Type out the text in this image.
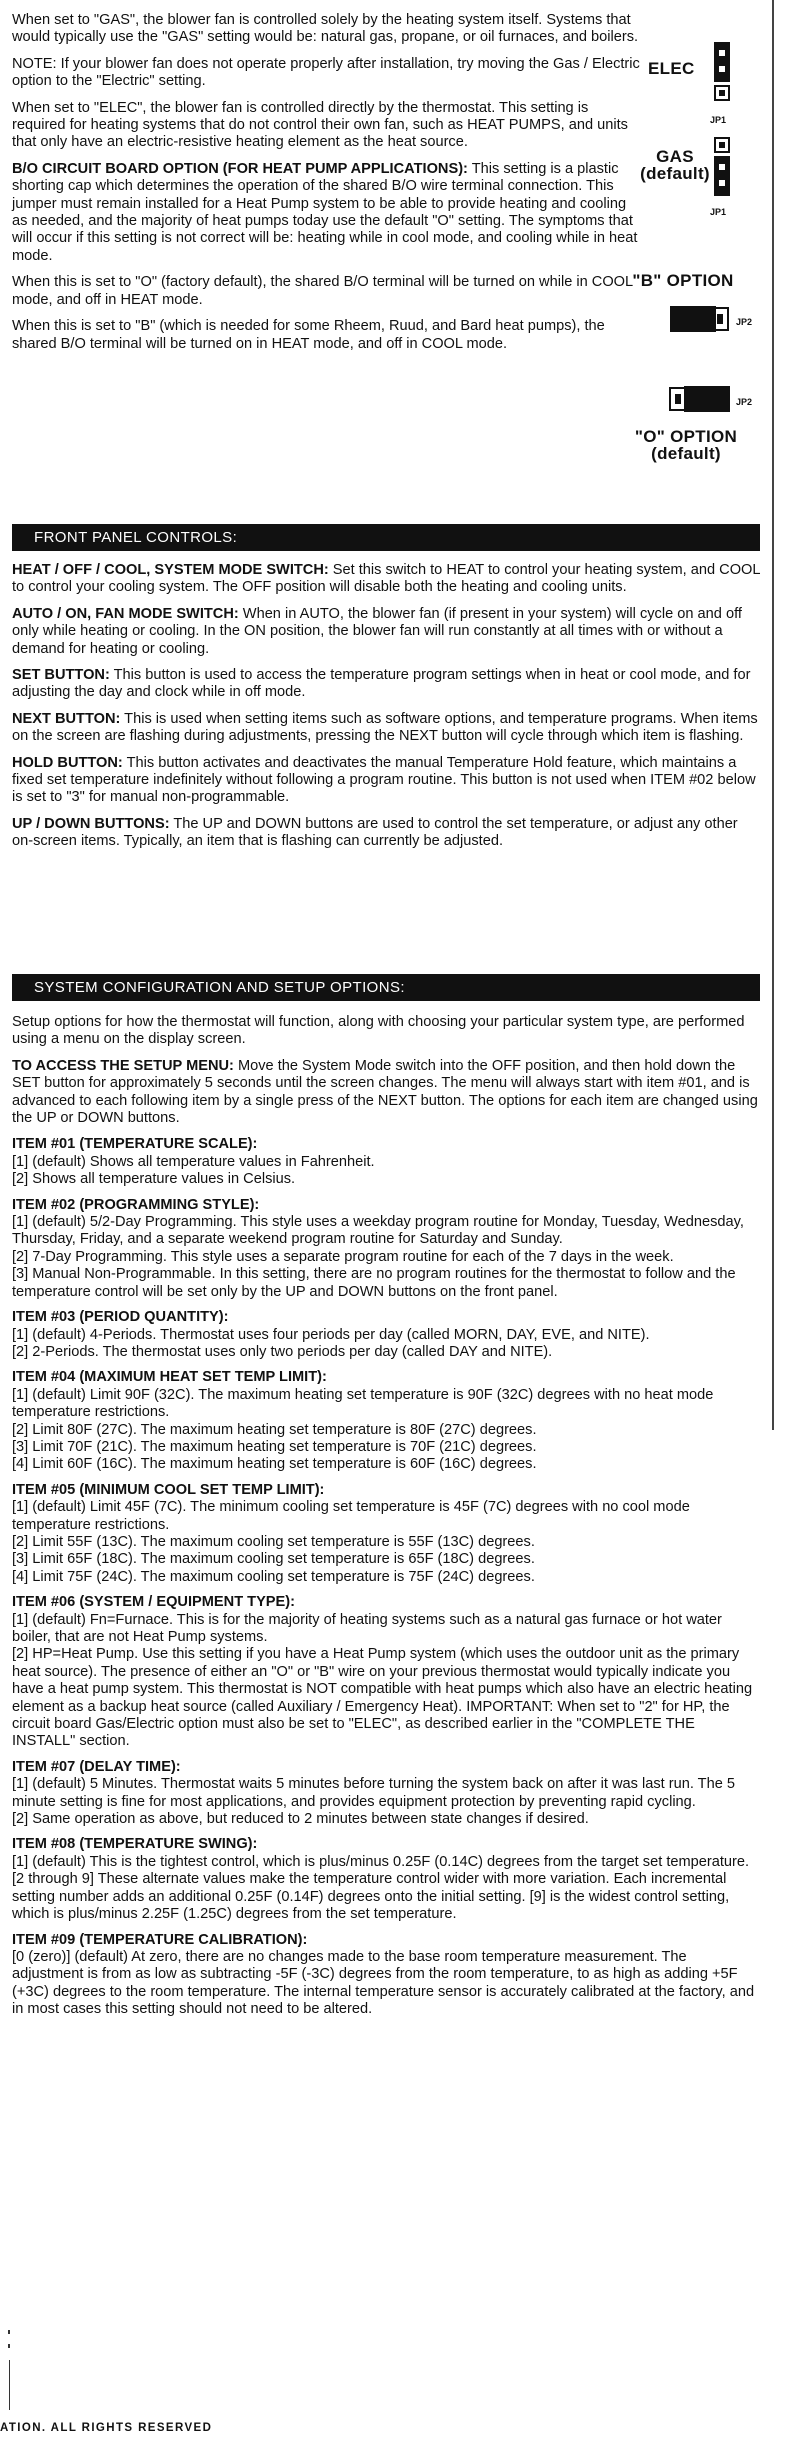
When set to "GAS", the blower fan is controlled solely by the heating system itself. Systems that would typically use the "GAS" setting would be: natural gas, propane, or oil furnaces, and boilers.

NOTE: If your blower fan does not operate properly after installation, try moving the Gas / Electric option to the "Electric" setting.

When set to "ELEC", the blower fan is controlled directly by the thermostat. This setting is required for heating systems that do not control their own fan, such as HEAT PUMPS, and units that only have an electric-resistive heating element as the heat source.

B/O CIRCUIT BOARD OPTION (FOR HEAT PUMP APPLICATIONS): This setting is a plastic shorting cap which determines the operation of the shared B/O wire terminal connection. This jumper must remain installed for a Heat Pump system to be able to provide heating and cooling as needed, and the majority of heat pumps today use the default "O" setting. The symptoms that will occur if this setting is not correct will be: heating while in cool mode, and cooling while in heat mode.

When this is set to "O" (factory default), the shared B/O terminal will be turned on while in COOL mode, and off in HEAT mode.

When this is set to "B" (which is needed for some Rheem, Ruud, and Bard heat pumps), the shared B/O terminal will be turned on in HEAT mode, and off in COOL mode.

ELEC
JP1
GAS
(default)
JP1
"B" OPTION
JP2
JP2
"O" OPTION
(default)
FRONT PANEL CONTROLS:

HEAT / OFF / COOL, SYSTEM MODE SWITCH: Set this switch to HEAT to control your heating system, and COOL to control your cooling system. The OFF position will disable both the heating and cooling units.

AUTO / ON, FAN MODE SWITCH: When in AUTO, the blower fan (if present in your system) will cycle on and off only while heating or cooling. In the ON position, the blower fan will run constantly at all times with or without a demand for heating or cooling.

SET BUTTON: This button is used to access the temperature program settings when in heat or cool mode, and for adjusting the day and clock while in off mode.

NEXT BUTTON: This is used when setting items such as software options, and temperature programs. When items on the screen are flashing during adjustments, pressing the NEXT button will cycle through which item is flashing.

HOLD BUTTON: This button activates and deactivates the manual Temperature Hold feature, which maintains a fixed set temperature indefinitely without following a program routine. This button is not used when ITEM #02 below is set to "3" for manual non-programmable.

UP / DOWN BUTTONS: The UP and DOWN buttons are used to control the set temperature, or adjust any other on-screen items. Typically, an item that is flashing can currently be adjusted.

SYSTEM CONFIGURATION AND SETUP OPTIONS:

Setup options for how the thermostat will function, along with choosing your particular system type, are performed using a menu on the display screen.

TO ACCESS THE SETUP MENU: Move the System Mode switch into the OFF position, and then hold down the SET button for approximately 5 seconds until the screen changes. The menu will always start with item #01, and is advanced to each following item by a single press of the NEXT button. The options for each item are changed using the UP or DOWN buttons.

ITEM #01 (TEMPERATURE SCALE):
[1] (default) Shows all temperature values in Fahrenheit.
[2] Shows all temperature values in Celsius.
ITEM #02 (PROGRAMMING STYLE):
[1] (default) 5/2-Day Programming. This style uses a weekday program routine for Monday, Tuesday, Wednesday, Thursday, Friday, and a separate weekend program routine for Saturday and Sunday.
[2] 7-Day Programming. This style uses a separate program routine for each of the 7 days in the week.
[3] Manual Non-Programmable. In this setting, there are no program routines for the thermostat to follow and the temperature control will be set only by the UP and DOWN buttons on the front panel.
ITEM #03 (PERIOD QUANTITY):
[1] (default) 4-Periods. Thermostat uses four periods per day (called MORN, DAY, EVE, and NITE).
[2] 2-Periods. The thermostat uses only two periods per day (called DAY and NITE).
ITEM #04 (MAXIMUM HEAT SET TEMP LIMIT):
[1] (default) Limit 90F (32C). The maximum heating set temperature is 90F (32C) degrees with no heat mode temperature restrictions.
[2] Limit 80F (27C). The maximum heating set temperature is 80F (27C) degrees.
[3] Limit 70F (21C). The maximum heating set temperature is 70F (21C) degrees.
[4] Limit 60F (16C). The maximum heating set temperature is 60F (16C) degrees.
ITEM #05 (MINIMUM COOL SET TEMP LIMIT):
[1] (default) Limit 45F (7C). The minimum cooling set temperature is 45F (7C) degrees with no cool mode temperature restrictions.
[2] Limit 55F (13C). The maximum cooling set temperature is 55F (13C) degrees.
[3] Limit 65F (18C). The maximum cooling set temperature is 65F (18C) degrees.
[4] Limit 75F (24C). The maximum cooling set temperature is 75F (24C) degrees.
ITEM #06 (SYSTEM / EQUIPMENT TYPE):
[1] (default) Fn=Furnace. This is for the majority of heating systems such as a natural gas furnace or hot water boiler, that are not Heat Pump systems.
[2] HP=Heat Pump. Use this setting if you have a Heat Pump system (which uses the outdoor unit as the primary heat source). The presence of either an "O" or "B" wire on your previous thermostat would typically indicate you have a heat pump system. This thermostat is NOT compatible with heat pumps which also have an electric heating element as a backup heat source (called Auxiliary / Emergency Heat). IMPORTANT: When set to "2" for HP, the circuit board Gas/Electric option must also be set to "ELEC", as described earlier in the "COMPLETE THE INSTALL" section.
ITEM #07 (DELAY TIME):
[1] (default) 5 Minutes. Thermostat waits 5 minutes before turning the system back on after it was last run. The 5 minute setting is fine for most applications, and provides equipment protection by preventing rapid cycling.
[2] Same operation as above, but reduced to 2 minutes between state changes if desired.
ITEM #08 (TEMPERATURE SWING):
[1] (default) This is the tightest control, which is plus/minus 0.25F (0.14C) degrees from the target set temperature.
[2 through 9] These alternate values make the temperature control wider with more variation. Each incremental setting number adds an additional 0.25F (0.14F) degrees onto the initial setting. [9] is the widest control setting, which is plus/minus 2.25F (1.25C) degrees from the set temperature.
ITEM #09 (TEMPERATURE CALIBRATION):
[0 (zero)] (default) At zero, there are no changes made to the base room temperature measurement. The adjustment is from as low as subtracting -5F (-3C) degrees from the room temperature, to as high as adding +5F (+3C) degrees to the room temperature. The internal temperature sensor is accurately calibrated at the factory, and in most cases this setting should not need to be altered.
ATION. ALL RIGHTS RESERVED
